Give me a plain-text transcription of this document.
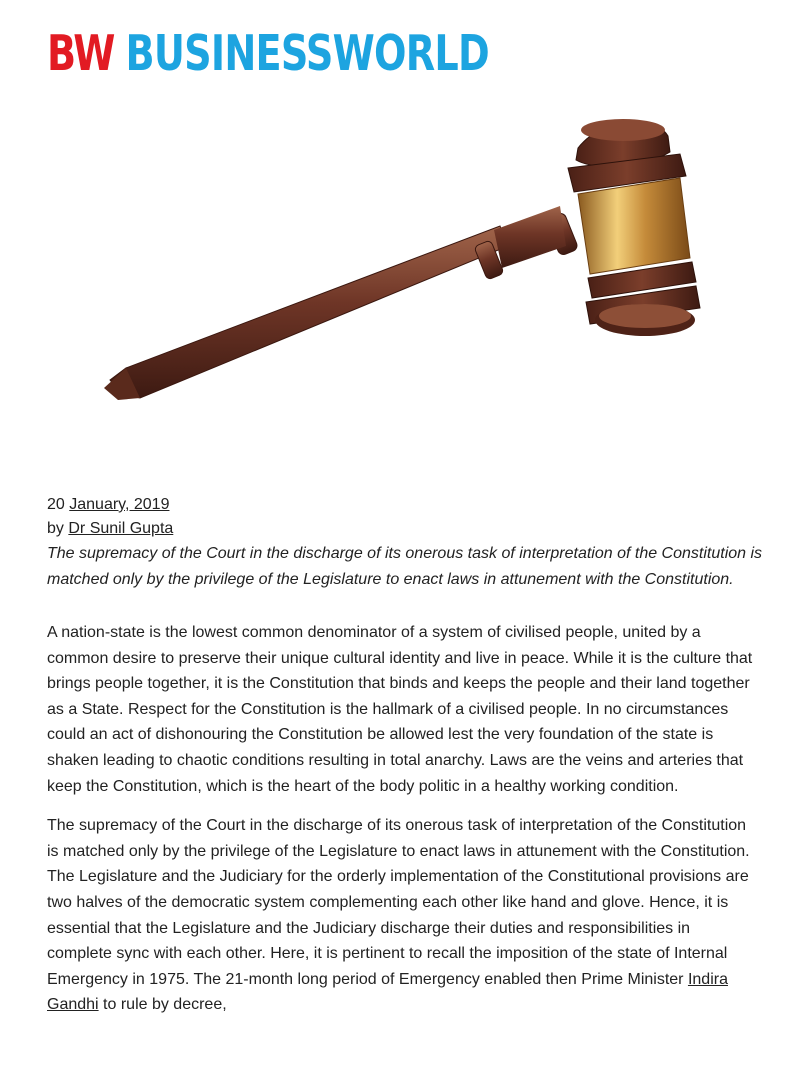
BW BUSINESSWORLD
20 January, 2019
by Dr Sunil Gupta

The supremacy of the Court in the discharge of its onerous task of interpretation of the Constitution is matched only by the privilege of the Legislature to enact laws in attunement with the Constitution.

A nation-state is the lowest common denominator of a system of civilised people, united by a common desire to preserve their unique cultural identity and live in peace. While it is the culture that brings people together, it is the Constitution that binds and keeps the people and their land together as a State. Respect for the Constitution is the hallmark of a civilised people. In no circumstances could an act of dishonouring the Constitution be allowed lest the very foundation of the state is shaken leading to chaotic conditions resulting in total anarchy. Laws are the veins and arteries that keep the Constitution, which is the heart of the body politic in a healthy working condition.

The supremacy of the Court in the discharge of its onerous task of interpretation of the Constitution is matched only by the privilege of the Legislature to enact laws in attunement with the Constitution. The Legislature and the Judiciary for the orderly implementation of the Constitutional provisions are two halves of the democratic system complementing each other like hand and glove. Hence, it is essential that the Legislature and the Judiciary discharge their duties and responsibilities in complete sync with each other. Here, it is pertinent to recall the imposition of the state of Internal Emergency in 1975. The 21-month long period of Emergency enabled then Prime Minister Indira Gandhi to rule by decree,
